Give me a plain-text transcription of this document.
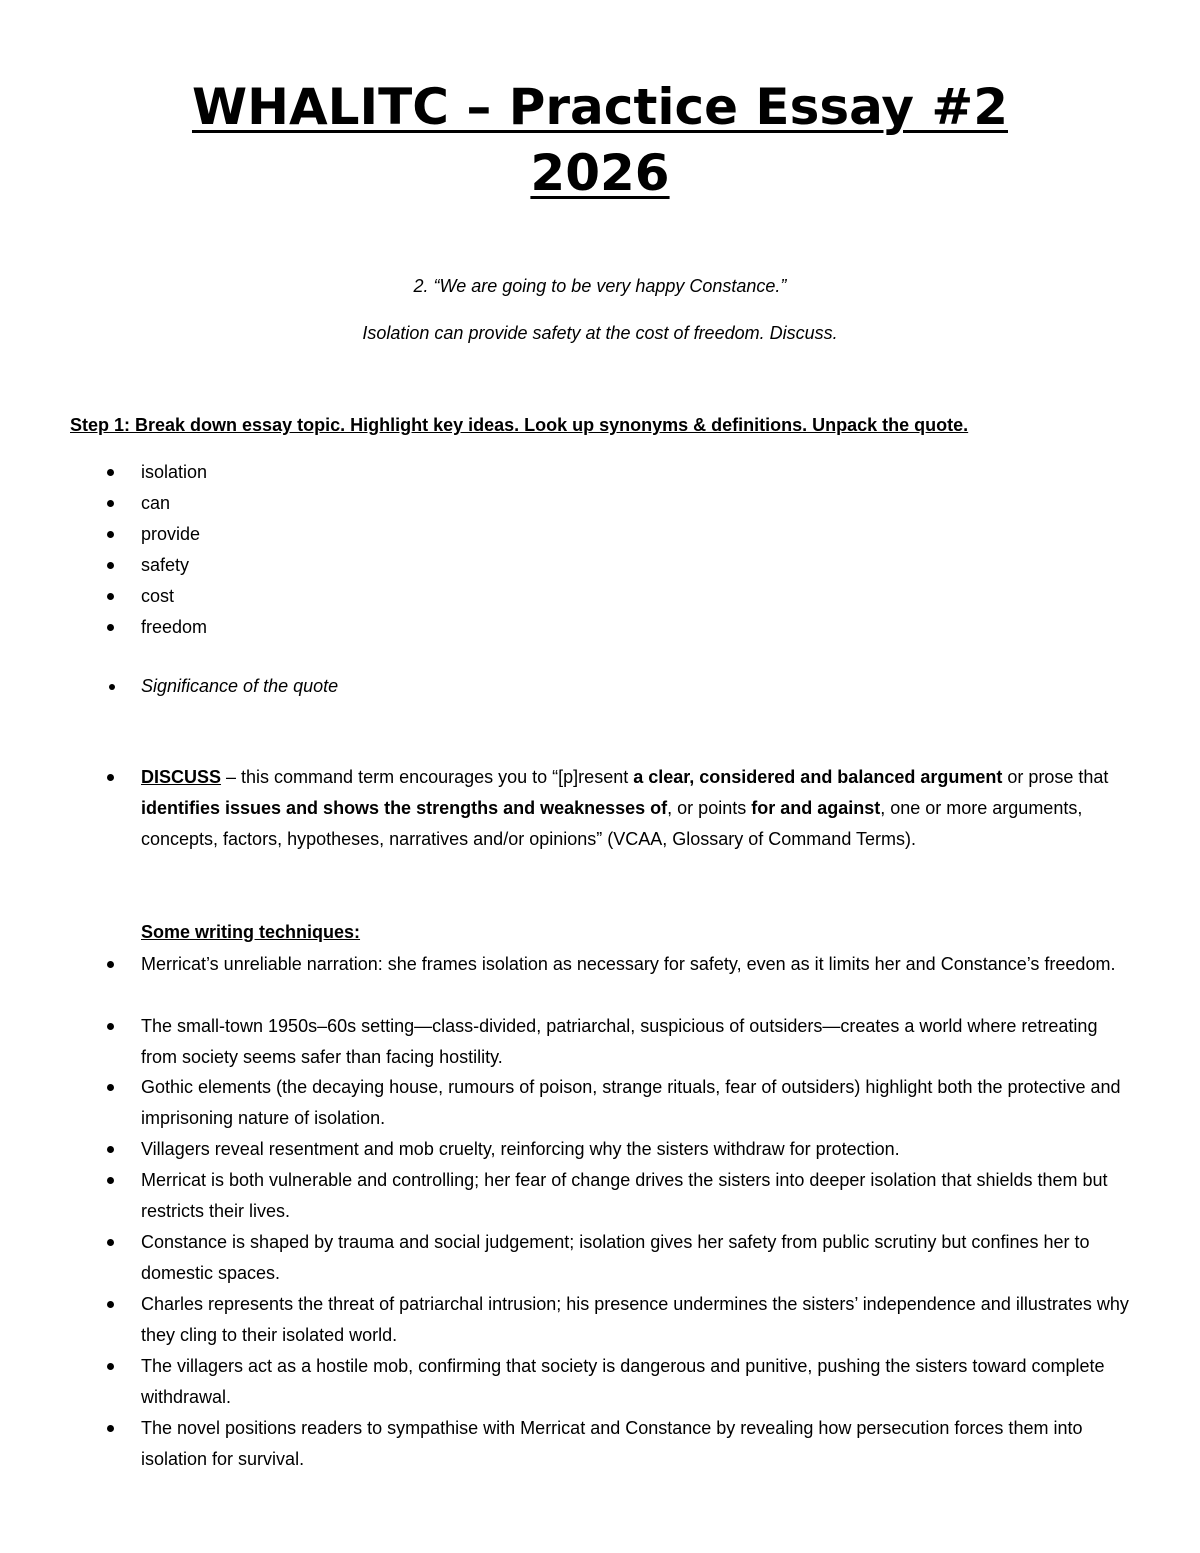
WHALITC – Practice Essay #2
2026
2. “We are going to be very happy Constance.”
Isolation can provide safety at the cost of freedom. Discuss.
Step 1: Break down essay topic. Highlight key ideas. Look up synonyms & definitions. Unpack the quote.
isolation
can
provide
safety
cost
freedom
Significance of the quote
DISCUSS – this command term encourages you to “[p]resent a clear, considered and balanced argument or prose that identifies issues and shows the strengths and weaknesses of, or points for and against, one or more arguments, concepts, factors, hypotheses, narratives and/or opinions” (VCAA, Glossary of Command Terms).
Some writing techniques:
Merricat’s unreliable narration: she frames isolation as necessary for safety, even as it limits her and Constance’s freedom.
The small-town 1950s–60s setting—class-divided, patriarchal, suspicious of outsiders—creates a world where retreating from society seems safer than facing hostility.
Gothic elements (the decaying house, rumours of poison, strange rituals, fear of outsiders) highlight both the protective and imprisoning nature of isolation.
Villagers reveal resentment and mob cruelty, reinforcing why the sisters withdraw for protection.
Merricat is both vulnerable and controlling; her fear of change drives the sisters into deeper isolation that shields them but restricts their lives.
Constance is shaped by trauma and social judgement; isolation gives her safety from public scrutiny but confines her to domestic spaces.
Charles represents the threat of patriarchal intrusion; his presence undermines the sisters’ independence and illustrates why they cling to their isolated world.
The villagers act as a hostile mob, confirming that society is dangerous and punitive, pushing the sisters toward complete withdrawal.
The novel positions readers to sympathise with Merricat and Constance by revealing how persecution forces them into isolation for survival.
